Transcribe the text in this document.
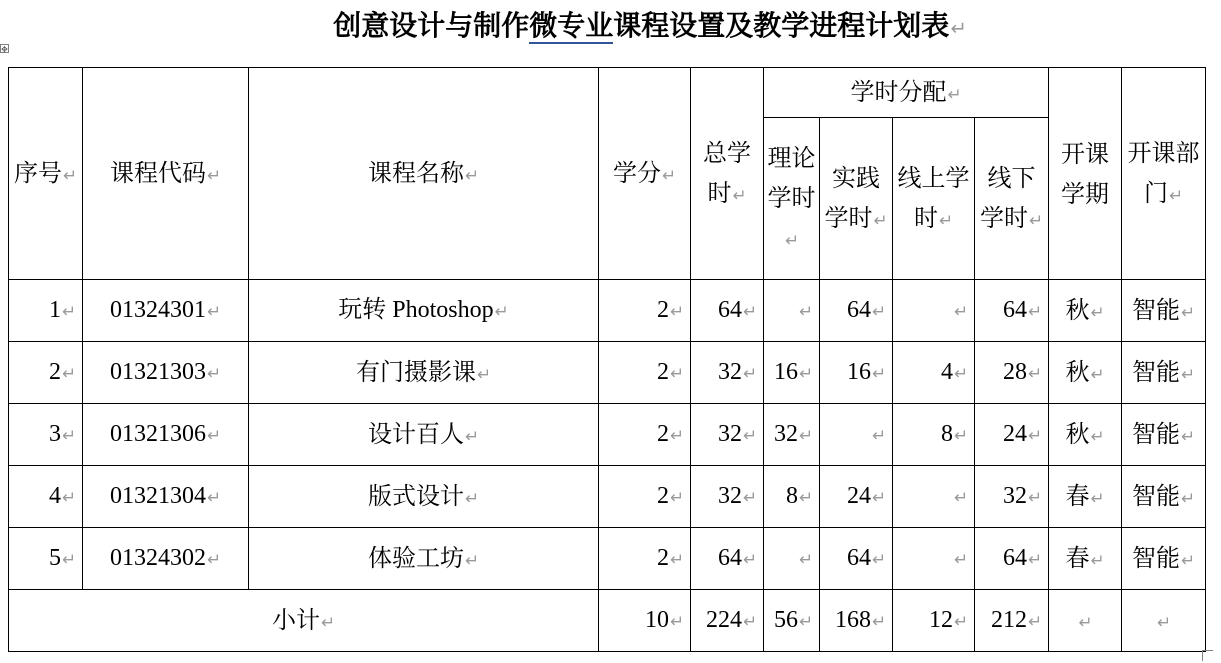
创意设计与制作微专业课程设置及教学进程计划表↵
✥
序号↵	课程代码↵	课程名称↵	学分↵	总学时↵	学时分配↵				开课学期	开课部门↵
					理论学时↵	实践学时↵	线上学时↵	线下学时↵		
1↵	01324301↵	玩转 Photoshop↵	2↵	64↵	↵	64↵	↵	64↵	秋↵	智能↵
2↵	01321303↵	有门摄影课↵	2↵	32↵	16↵	16↵	4↵	28↵	秋↵	智能↵
3↵	01321306↵	设计百人↵	2↵	32↵	32↵	↵	8↵	24↵	秋↵	智能↵
4↵	01321304↵	版式设计↵	2↵	32↵	8↵	24↵	↵	32↵	春↵	智能↵
5↵	01324302↵	体验工坊↵	2↵	64↵	↵	64↵	↵	64↵	春↵	智能↵
小计↵			10↵	224↵	56↵	168↵	12↵	212↵	↵	↵
